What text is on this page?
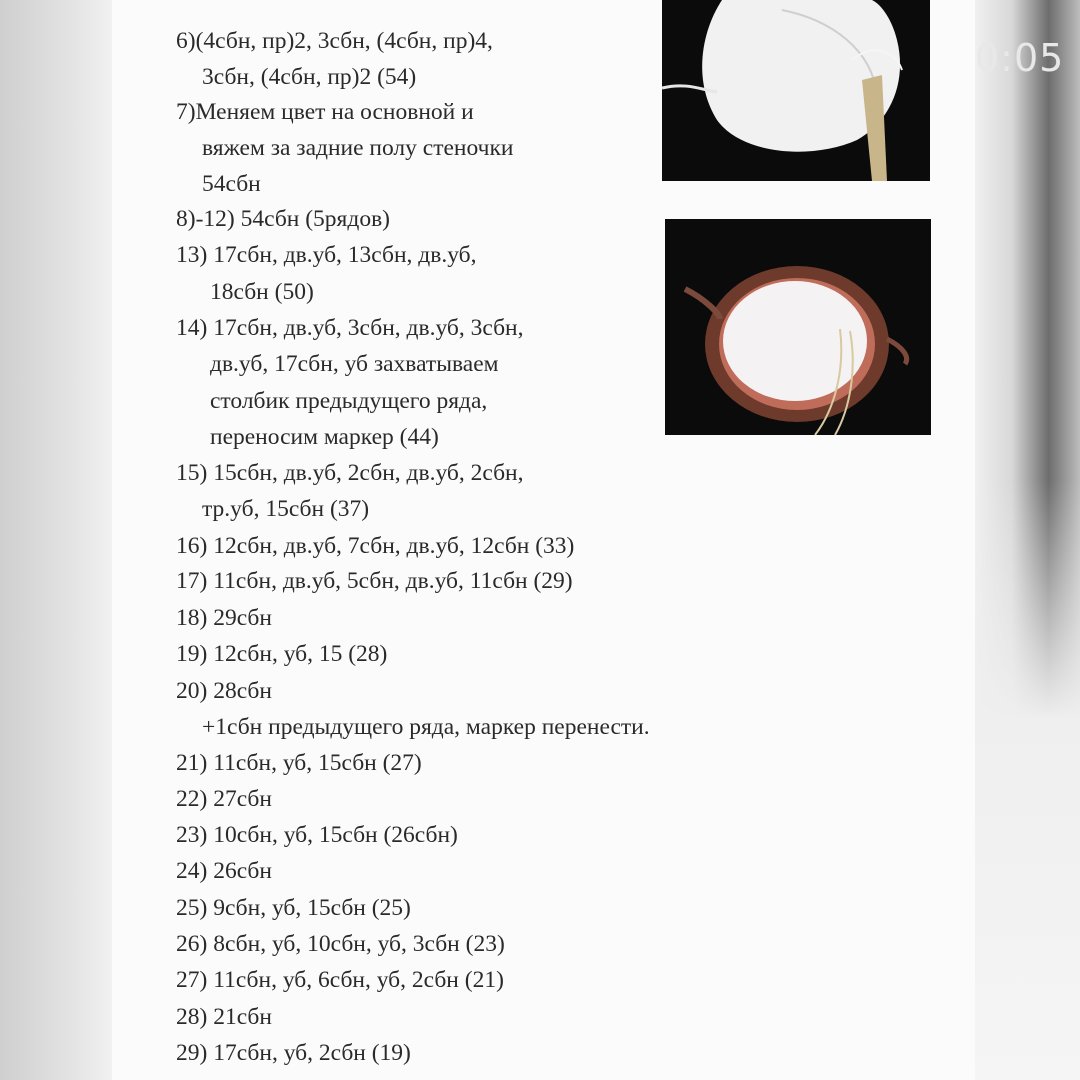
6)(4сбн, пр)2, 3сбн, (4сбн, пр)4,
3сбн, (4сбн, пр)2 (54)
7)Меняем цвет на основной и
вяжем за задние полу стеночки
54сбн
8)-12) 54сбн (5рядов)
13) 17сбн, дв.уб, 13сбн, дв.уб,
18сбн (50)
14) 17сбн, дв.уб, 3сбн, дв.уб, 3сбн,
дв.уб, 17сбн, уб захватываем
столбик предыдущего ряда,
переносим маркер (44)
15) 15сбн, дв.уб, 2сбн, дв.уб, 2сбн,
тр.уб, 15сбн (37)
16) 12сбн, дв.уб, 7сбн, дв.уб, 12сбн (33)
17) 11сбн, дв.уб, 5сбн, дв.уб, 11сбн (29)
18) 29сбн
19) 12сбн, уб, 15 (28)
20) 28сбн
+1сбн предыдущего ряда, маркер перенести.
21) 11сбн, уб, 15сбн (27)
22) 27сбн
23) 10сбн, уб, 15сбн (26сбн)
24) 26сбн
25) 9сбн, уб, 15сбн (25)
26) 8сбн, уб, 10сбн, уб, 3сбн (23)
27) 11сбн, уб, 6сбн, уб, 2сбн (21)
28) 21сбн
29) 17сбн, уб, 2сбн (19)
0:05
